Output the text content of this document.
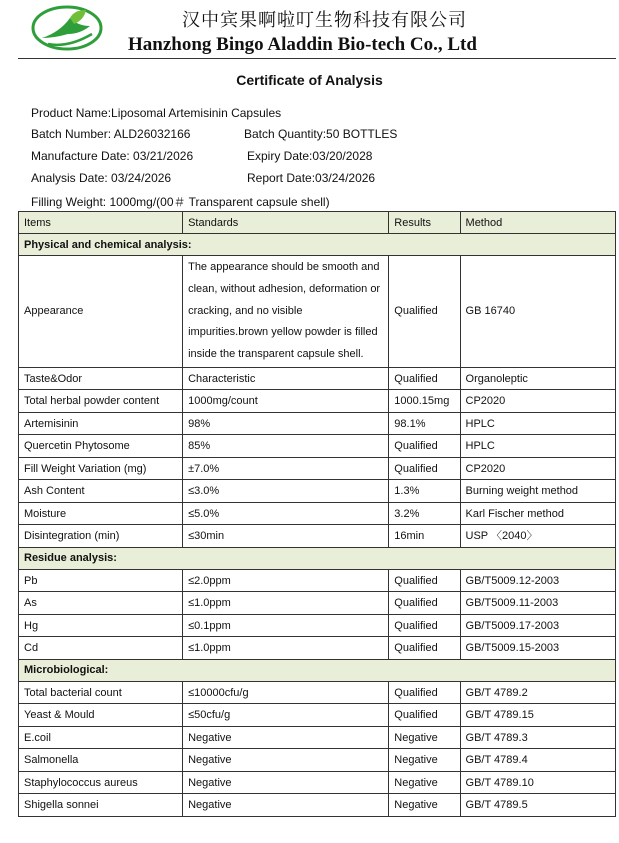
汉中宾果啊啦叮生物科技有限公司
Hanzhong Bingo Aladdin Bio-tech Co., Ltd
Certificate of Analysis
Product Name:Liposomal Artemisinin Capsules
Batch Number: ALD26032166	Batch Quantity:50 BOTTLES
Manufacture Date: 03/21/2026	Expiry Date:03/20/2028
Analysis Date: 03/24/2026	Report Date:03/24/2026
Filling Weight: 1000mg/(00＃ Transparent capsule shell)
Items	Standards	Results	Method
Physical and chemical analysis:			
Appearance	The appearance should be smooth and clean, without adhesion, deformation or cracking, and no visible impurities.brown yellow powder is filled inside the transparent capsule shell.	Qualified	GB 16740
Taste&Odor	Characteristic	Qualified	Organoleptic
Total herbal powder content	1000mg/count	1000.15mg	CP2020
Artemisinin	98%	98.1%	HPLC
Quercetin Phytosome	85%	Qualified	HPLC
Fill Weight Variation (mg)	±7.0%	Qualified	CP2020
Ash Content	≤3.0%	1.3%	Burning weight method
Moisture	≤5.0%	3.2%	Karl Fischer method
Disintegration (min)	≤30min	16min	USP 〈2040〉
Residue analysis:			
Pb	≤2.0ppm	Qualified	GB/T5009.12-2003
As	≤1.0ppm	Qualified	GB/T5009.11-2003
Hg	≤0.1ppm	Qualified	GB/T5009.17-2003
Cd	≤1.0ppm	Qualified	GB/T5009.15-2003
Microbiological:			
Total bacterial count	≤10000cfu/g	Qualified	GB/T 4789.2
Yeast & Mould	≤50cfu/g	Qualified	GB/T 4789.15
E.coil	Negative	Negative	GB/T 4789.3
Salmonella	Negative	Negative	GB/T 4789.4
Staphylococcus aureus	Negative	Negative	GB/T 4789.10
Shigella sonnei	Negative	Negative	GB/T 4789.5
